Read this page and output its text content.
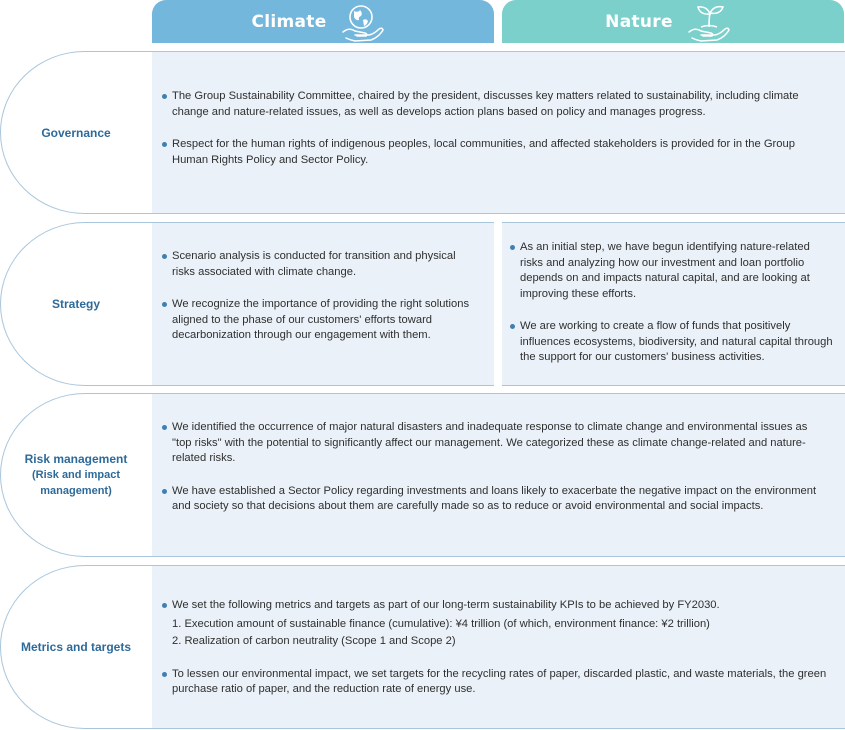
Climate	Nature
Governance
The Group Sustainability Committee, chaired by the president, discusses key matters related to sustainability, including climate change and nature-related issues, as well as develops action plans based on policy and manages progress.
Respect for the human rights of indigenous peoples, local communities, and affected stakeholders is provided for in the Group Human Rights Policy and Sector Policy.
Strategy
Scenario analysis is conducted for transition and physical risks associated with climate change.
We recognize the importance of providing the right solutions aligned to the phase of our customers' efforts toward decarbonization through our engagement with them.
As an initial step, we have begun identifying nature-related risks and analyzing how our investment and loan portfolio depends on and impacts natural capital, and are looking at improving these efforts.
We are working to create a flow of funds that positively influences ecosystems, biodiversity, and natural capital through the support for our customers' business activities.
Risk management
(Risk and impact
management)
We identified the occurrence of major natural disasters and inadequate response to climate change and environmental issues as "top risks" with the potential to significantly affect our management. We categorized these as climate change-related and nature-related risks.
We have established a Sector Policy regarding investments and loans likely to exacerbate the negative impact on the environment and society so that decisions about them are carefully made so as to reduce or avoid environmental and social impacts.
Metrics and targets
We set the following metrics and targets as part of our long-term sustainability KPIs to be achieved by FY2030.
1. Execution amount of sustainable finance (cumulative): ¥4 trillion (of which, environment finance: ¥2 trillion)
2. Realization of carbon neutrality (Scope 1 and Scope 2)
To lessen our environmental impact, we set targets for the recycling rates of paper, discarded plastic, and waste materials, the green purchase ratio of paper, and the reduction rate of energy use.
